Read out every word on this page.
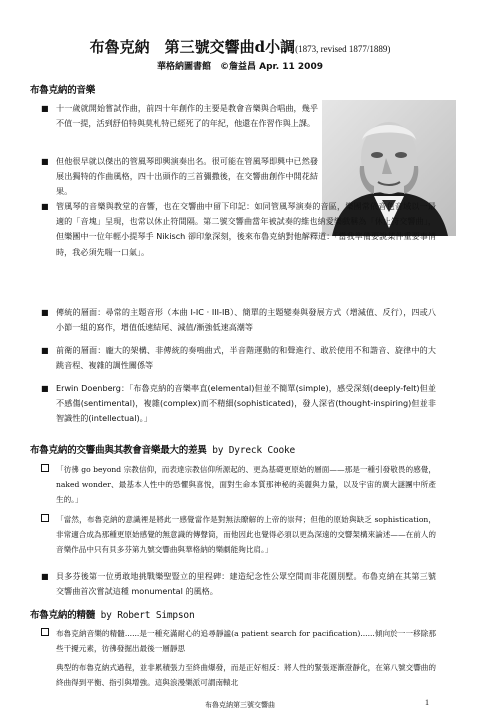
布魯克納　第三號交響曲d小調(1873, revised 1877/1889)
華格納圖書館　©詹益昌 Apr. 11 2009
布魯克納的音樂
■ 十一歲就開始嘗試作曲，前四十年創作的主要是教會音樂與合唱曲，幾乎不值一提，活到舒伯特與莫札特已經死了的年紀，他還在作習作與上課。
■ 但他很早就以傑出的管風琴即興演奏出名。很可能在管風琴即興中已然發展出獨特的作曲風格，四十出頭作的三首彌撒後，在交響曲創作中開花結果。
■ 管風琴的音樂與教堂的音響，也在交響曲中留下印記：如同管風琴演奏的音區，樂團常依音色音域以一最適的「音塊」呈現，也常以休止符間隔。第二號交響曲當年被試奏的維也納愛樂戲稱為「休止符交響曲」，但樂團中一位年輕小提琴手 Nikisch 卻印象深刻，後來布魯克納對他解釋道：「當我準備要說某件重要事情時，我必須先喘一口氣」。
■ 傳統的層面：尋常的主題音形（本曲 I-IC · III-IB）、簡單的主題變奏與發展方式（增減值、反行），四或八小節一組的寫作，增值低速結尾、減值/漸強低速高潮等
■ 前衛的層面：龐大的架構、非傳統的奏鳴曲式，半音階運動的和聲進行、敢於使用不和諧音、旋律中的大跳音程、複雜的調性關係等
■ Erwin Doenberg：「布魯克納的音樂率直(elemental)但並不簡單(simple)，感受深刻(deeply-felt)但並不感傷(sentimental)，複雜(complex)而不精細(sophisticated)，發人深省(thought-inspiring)但並非智識性的(intellectual)。」
布魯克納的交響曲與其教會音樂最大的差異 by Dyreck Cooke
「彷彿 go beyond 宗教信仰，而表達宗教信仰所源起的、更為基礎更原始的層面——那是一種引發敬畏的感覺，naked wonder、最基本人性中的恐懼與喜悅，面對生命本質那神秘的美麗與力量，以及宇宙的廣大謎團中所產生的。」
「當然，布魯克納的意識裡是將此一感覺當作是對無法瞭解的上帝的崇拜；但他的原始與缺乏 sophistication，非常適合成為那種更原始感覺的無意識的傳聲筒，而他因此也覺得必須以更為深遠的交響架構來論述——在前人的音樂作品中只有貝多芬第九號交響曲與華格納的樂劇能夠比肩。」
■ 貝多芬後第一位勇敢地挑戰樂聖豎立的里程碑：建造紀念性公眾空間而非花園別墅。布魯克納在其第三號交響曲首次嘗試這種 monumental 的風格。
布魯克納的精髓 by Robert Simpson
布魯克納音樂的精髓......是一種充滿耐心的追尋靜謐(a patient search for pacification)......傾向於一一移除那些干擾元素，彷彿發掘出最後一層靜思
典型的布魯克納式過程，並非累積張力至終曲爆發，而是正好相反：將人性的緊張逐漸澄靜化，在第八號交響曲的終曲得到平衡、指引與增強。這與浪漫樂派可謂南轅北
布魯克納第三號交響曲	1
